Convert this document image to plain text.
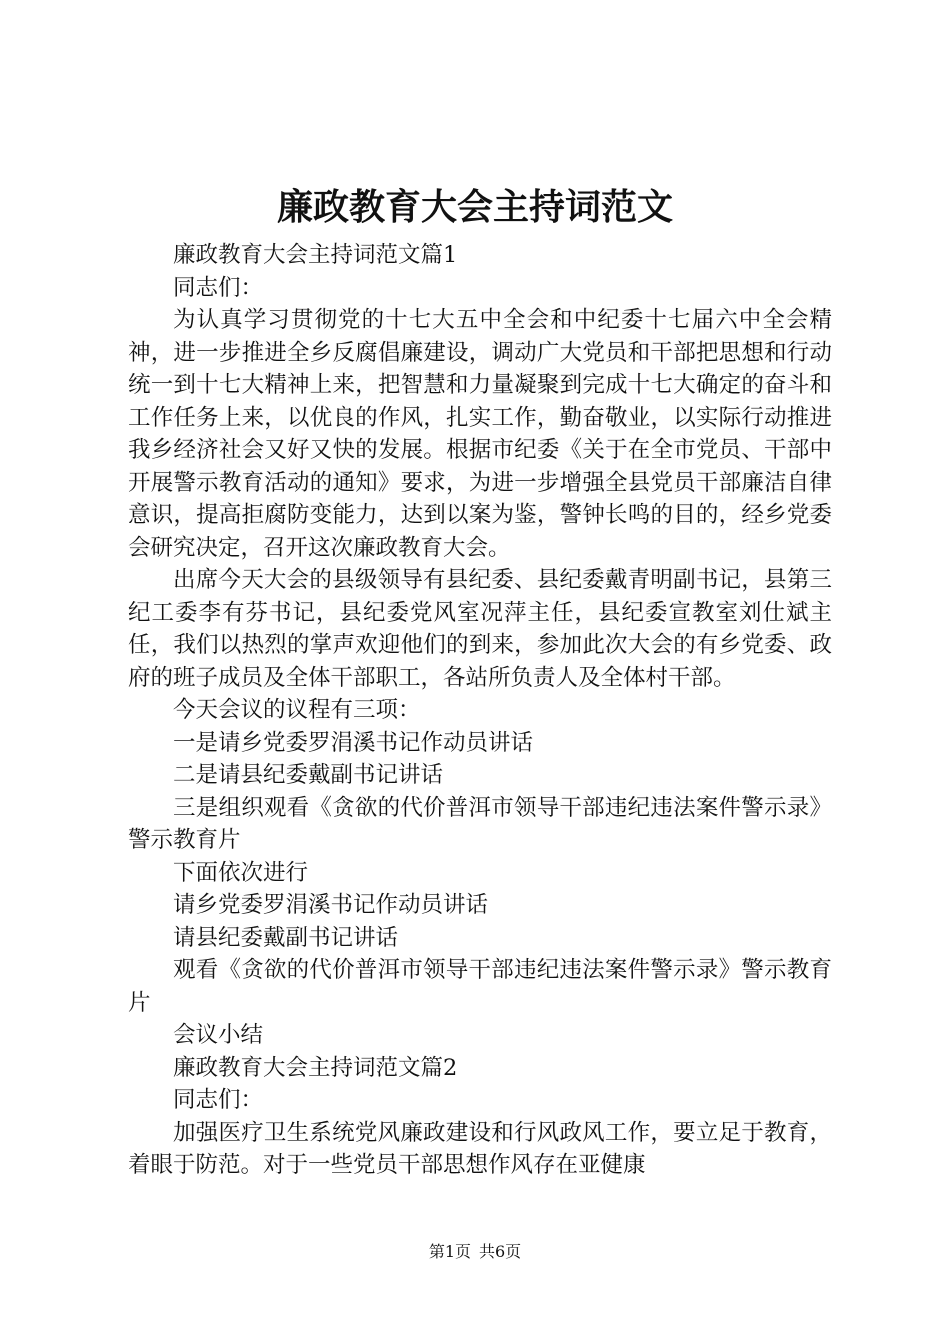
廉政教育大会主持词范文

廉政教育大会主持词范文篇1

同志们：

为认真学习贯彻党的十七大五中全会和中纪委十七届六中全会精神，进一步推进全乡反腐倡廉建设，调动广大党员和干部把思想和行动统一到十七大精神上来，把智慧和力量凝聚到完成十七大确定的奋斗和工作任务上来，以优良的作风，扎实工作，勤奋敬业，以实际行动推进我乡经济社会又好又快的发展。根据市纪委《关于在全市党员、干部中开展警示教育活动的通知》要求，为进一步增强全县党员干部廉洁自律意识，提高拒腐防变能力，达到以案为鉴，警钟长鸣的目的，经乡党委会研究决定，召开这次廉政教育大会。

出席今天大会的县级领导有县纪委、县纪委戴青明副书记，县第三纪工委李有芬书记，县纪委党风室况萍主任，县纪委宣教室刘仕斌主任，我们以热烈的掌声欢迎他们的到来，参加此次大会的有乡党委、政府的班子成员及全体干部职工，各站所负责人及全体村干部。

今天会议的议程有三项：

一是请乡党委罗涓溪书记作动员讲话

二是请县纪委戴副书记讲话

三是组织观看《贪欲的代价普洱市领导干部违纪违法案件警示录》警示教育片

下面依次进行

请乡党委罗涓溪书记作动员讲话

请县纪委戴副书记讲话

观看《贪欲的代价普洱市领导干部违纪违法案件警示录》警示教育片

会议小结

廉政教育大会主持词范文篇2

同志们：

加强医疗卫生系统党风廉政建设和行风政风工作，要立足于教育，着眼于防范。对于一些党员干部思想作风存在亚健康

第1页 共6页
